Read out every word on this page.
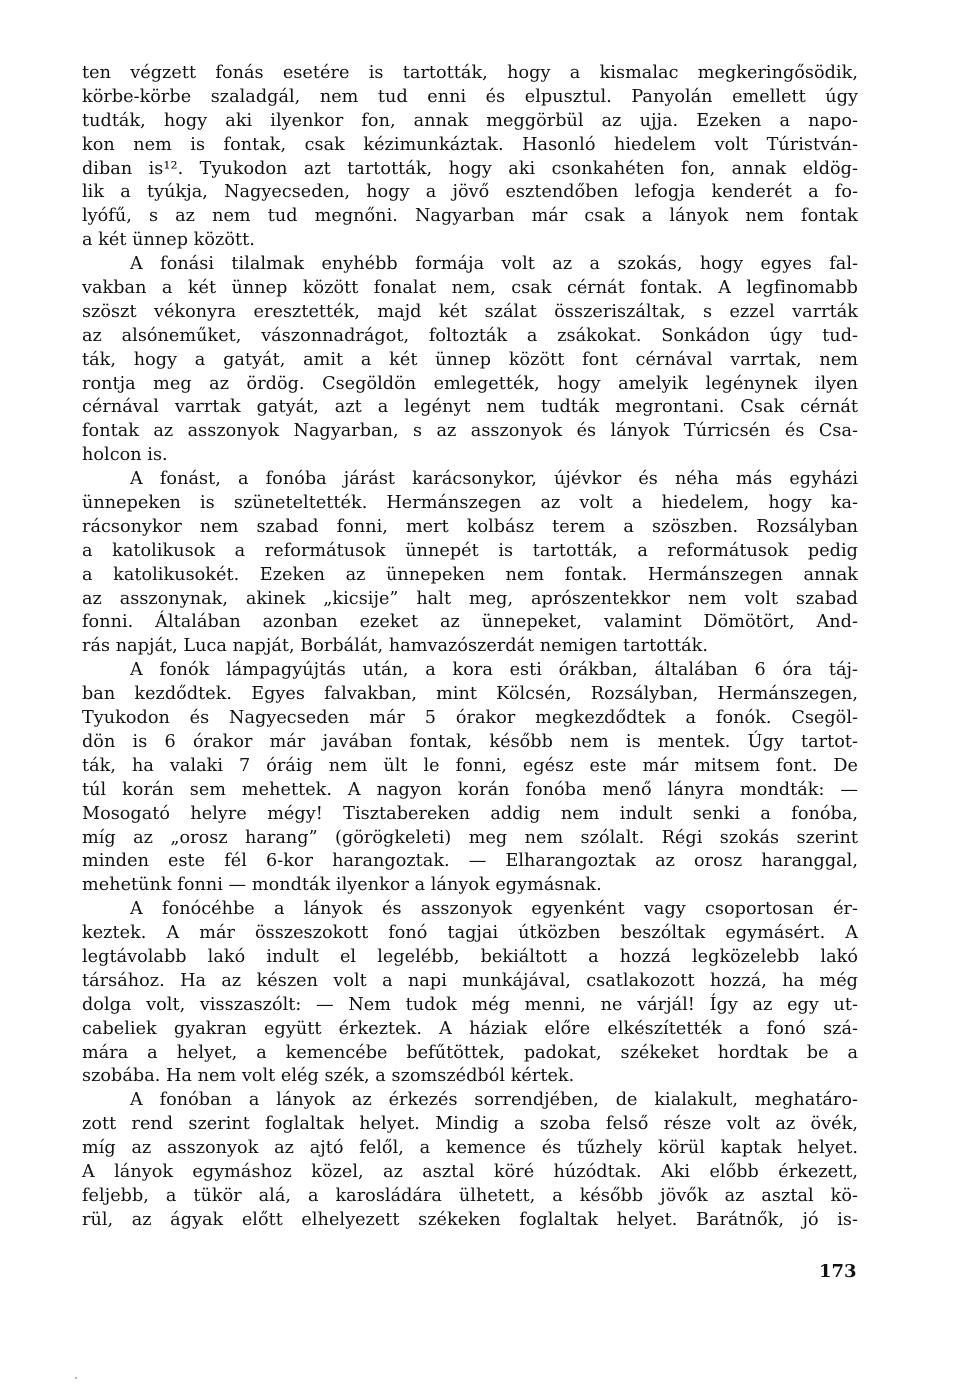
ten végzett fonás esetére is tartották, hogy a kismalac megkeringősödik,
körbe-körbe szaladgál, nem tud enni és elpusztul. Panyolán emellett úgy
tudták, hogy aki ilyenkor fon, annak meggörbül az ujja. Ezeken a napo-
kon nem is fontak, csak kézimunkáztak. Hasonló hiedelem volt Túristván-
diban is¹². Tyukodon azt tartották, hogy aki csonkahéten fon, annak eldög-
lik a tyúkja, Nagyecseden, hogy a jövő esztendőben lefogja kenderét a fo-
lyófű, s az nem tud megnőni. Nagyarban már csak a lányok nem fontak
a két ünnep között.
A fonási tilalmak enyhébb formája volt az a szokás, hogy egyes fal-
vakban a két ünnep között fonalat nem, csak cérnát fontak. A legfinomabb
szöszt vékonyra eresztették, majd két szálat összeriszáltak, s ezzel varrták
az alsóneműket, vászonnadrágot, foltozták a zsákokat. Sonkádon úgy tud-
ták, hogy a gatyát, amit a két ünnep között font cérnával varrtak, nem
rontja meg az ördög. Csegöldön emlegették, hogy amelyik legénynek ilyen
cérnával varrtak gatyát, azt a legényt nem tudták megrontani. Csak cérnát
fontak az asszonyok Nagyarban, s az asszonyok és lányok Túrricsén és Csa-
holcon is.
A fonást, a fonóba járást karácsonykor, újévkor és néha más egyházi
ünnepeken is szüneteltették. Hermánszegen az volt a hiedelem, hogy ka-
rácsonykor nem szabad fonni, mert kolbász terem a szöszben. Rozsályban
a katolikusok a reformátusok ünnepét is tartották, a reformátusok pedig
a katolikusokét. Ezeken az ünnepeken nem fontak. Hermánszegen annak
az asszonynak, akinek „kicsije” halt meg, aprószentekkor nem volt szabad
fonni. Általában azonban ezeket az ünnepeket, valamint Dömötört, And-
rás napját, Luca napját, Borbálát, hamvazószerdát nemigen tartották.
A fonók lámpagyújtás után, a kora esti órákban, általában 6 óra táj-
ban kezdődtek. Egyes falvakban, mint Kölcsén, Rozsályban, Hermánszegen,
Tyukodon és Nagyecseden már 5 órakor megkezdődtek a fonók. Csegöl-
dön is 6 órakor már javában fontak, később nem is mentek. Úgy tartot-
ták, ha valaki 7 óráig nem ült le fonni, egész este már mitsem font. De
túl korán sem mehettek. A nagyon korán fonóba menő lányra mondták: —
Mosogató helyre mégy! Tisztabereken addig nem indult senki a fonóba,
míg az „orosz harang” (görögkeleti) meg nem szólalt. Régi szokás szerint
minden este fél 6-kor harangoztak. — Elharangoztak az orosz haranggal,
mehetünk fonni — mondták ilyenkor a lányok egymásnak.
A fonócéhbe a lányok és asszonyok egyenként vagy csoportosan ér-
keztek. A már összeszokott fonó tagjai útközben beszóltak egymásért. A
legtávolabb lakó indult el legelébb, bekiáltott a hozzá legközelebb lakó
társához. Ha az készen volt a napi munkájával, csatlakozott hozzá, ha még
dolga volt, visszaszólt: — Nem tudok még menni, ne várjál! Így az egy ut-
cabeliek gyakran együtt érkeztek. A háziak előre elkészítették a fonó szá-
mára a helyet, a kemencébe befűtöttek, padokat, székeket hordtak be a
szobába. Ha nem volt elég szék, a szomszédból kértek.
A fonóban a lányok az érkezés sorrendjében, de kialakult, meghatáro-
zott rend szerint foglaltak helyet. Mindig a szoba felső része volt az övék,
míg az asszonyok az ajtó felől, a kemence és tűzhely körül kaptak helyet.
A lányok egymáshoz közel, az asztal köré húzódtak. Aki előbb érkezett,
feljebb, a tükör alá, a karosládára ülhetett, a később jövők az asztal kö-
rül, az ágyak előtt elhelyezett székeken foglaltak helyet. Barátnők, jó is-
173
